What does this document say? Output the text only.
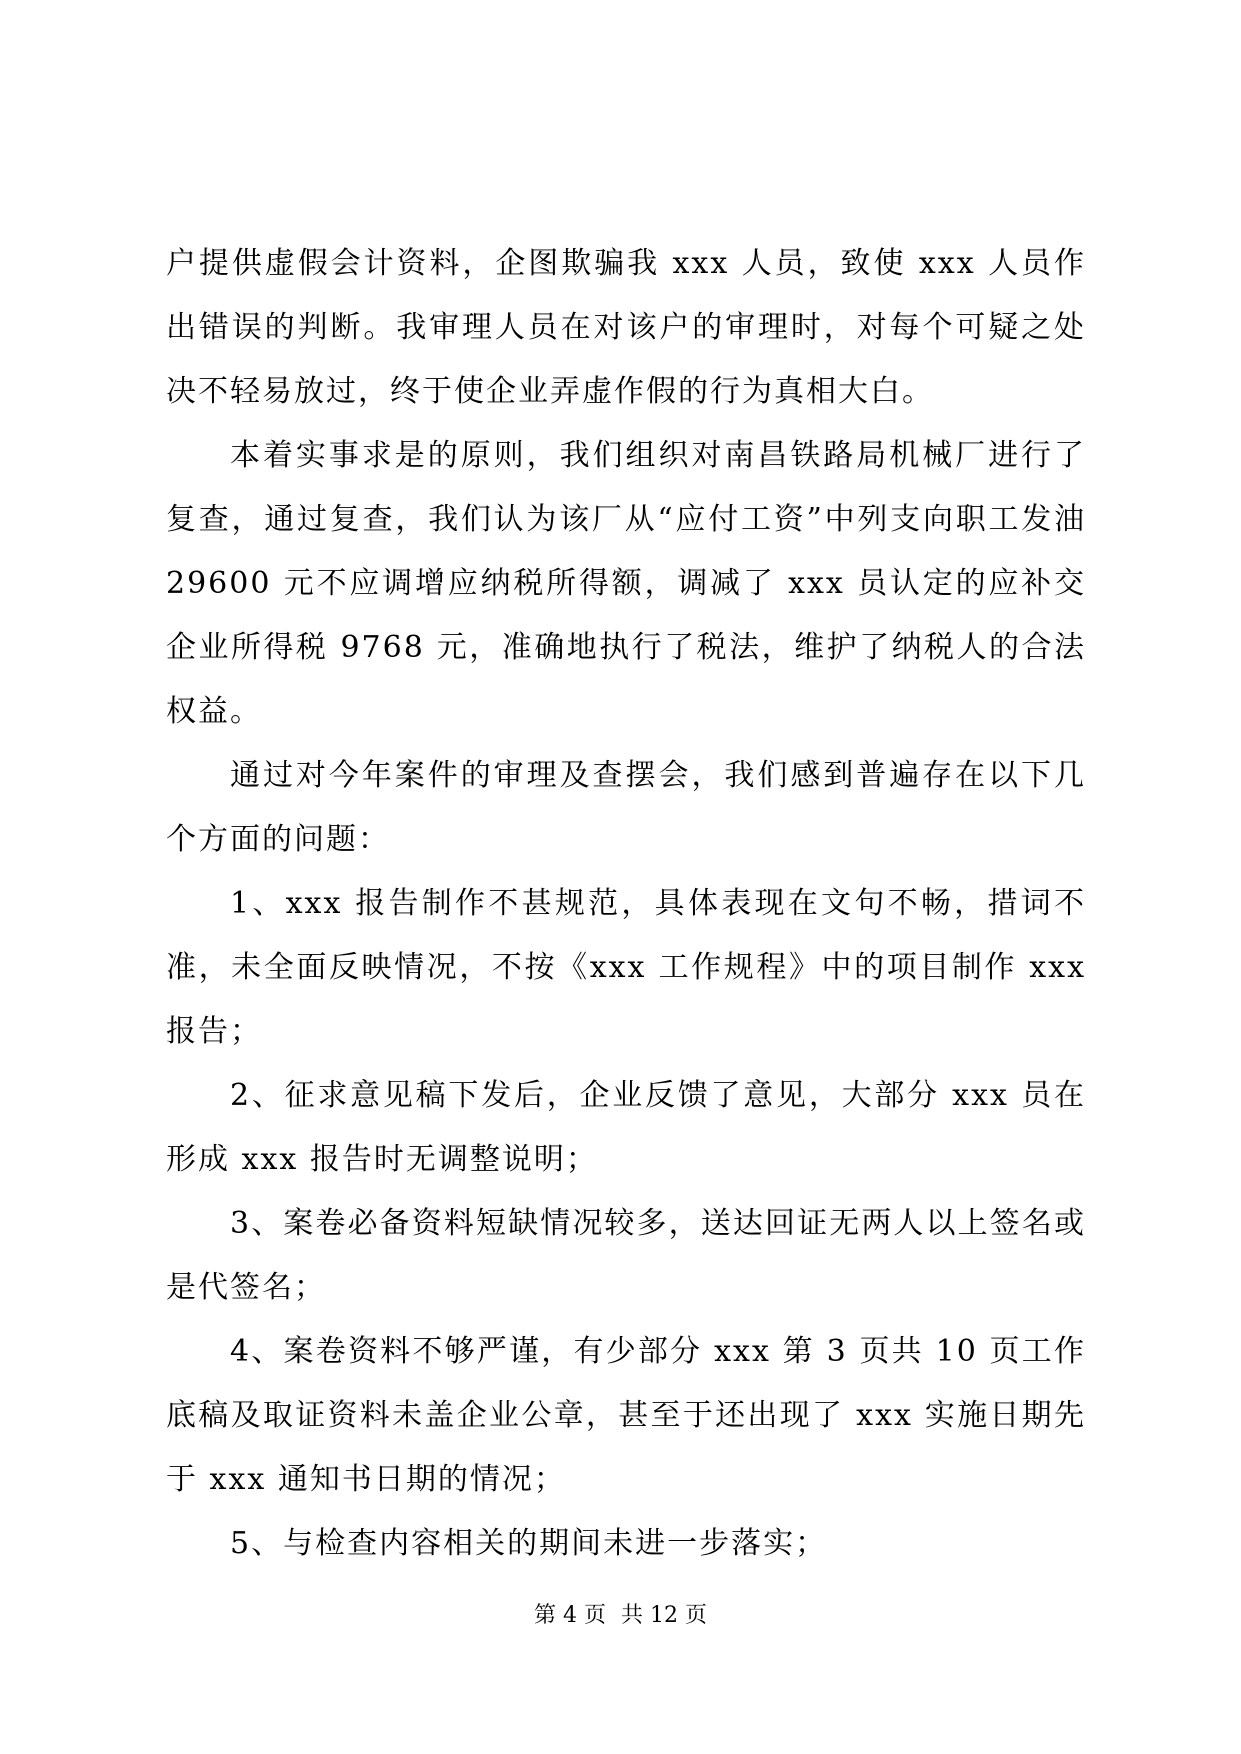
户提供虚假会计资料，企图欺骗我 xxx 人员，致使 xxx 人员作出错误的判断。我审理人员在对该户的审理时，对每个可疑之处决不轻易放过，终于使企业弄虚作假的行为真相大白。

本着实事求是的原则，我们组织对南昌铁路局机械厂进行了复查，通过复查，我们认为该厂从“应付工资”中列支向职工发油 29600 元不应调增应纳税所得额，调减了 xxx 员认定的应补交企业所得税 9768 元，准确地执行了税法，维护了纳税人的合法权益。

通过对今年案件的审理及查摆会，我们感到普遍存在以下几个方面的问题：

1、xxx 报告制作不甚规范，具体表现在文句不畅，措词不准，未全面反映情况，不按《xxx 工作规程》中的项目制作 xxx 报告；

2、征求意见稿下发后，企业反馈了意见，大部分 xxx 员在形成 xxx 报告时无调整说明；

3、案卷必备资料短缺情况较多，送达回证无两人以上签名或是代签名；

4、案卷资料不够严谨，有少部分 xxx 第 3 页共 10 页工作底稿及取证资料未盖企业公章，甚至于还出现了 xxx 实施日期先于 xxx 通知书日期的情况；

5、与检查内容相关的期间未进一步落实；

第 4 页 共 12 页
